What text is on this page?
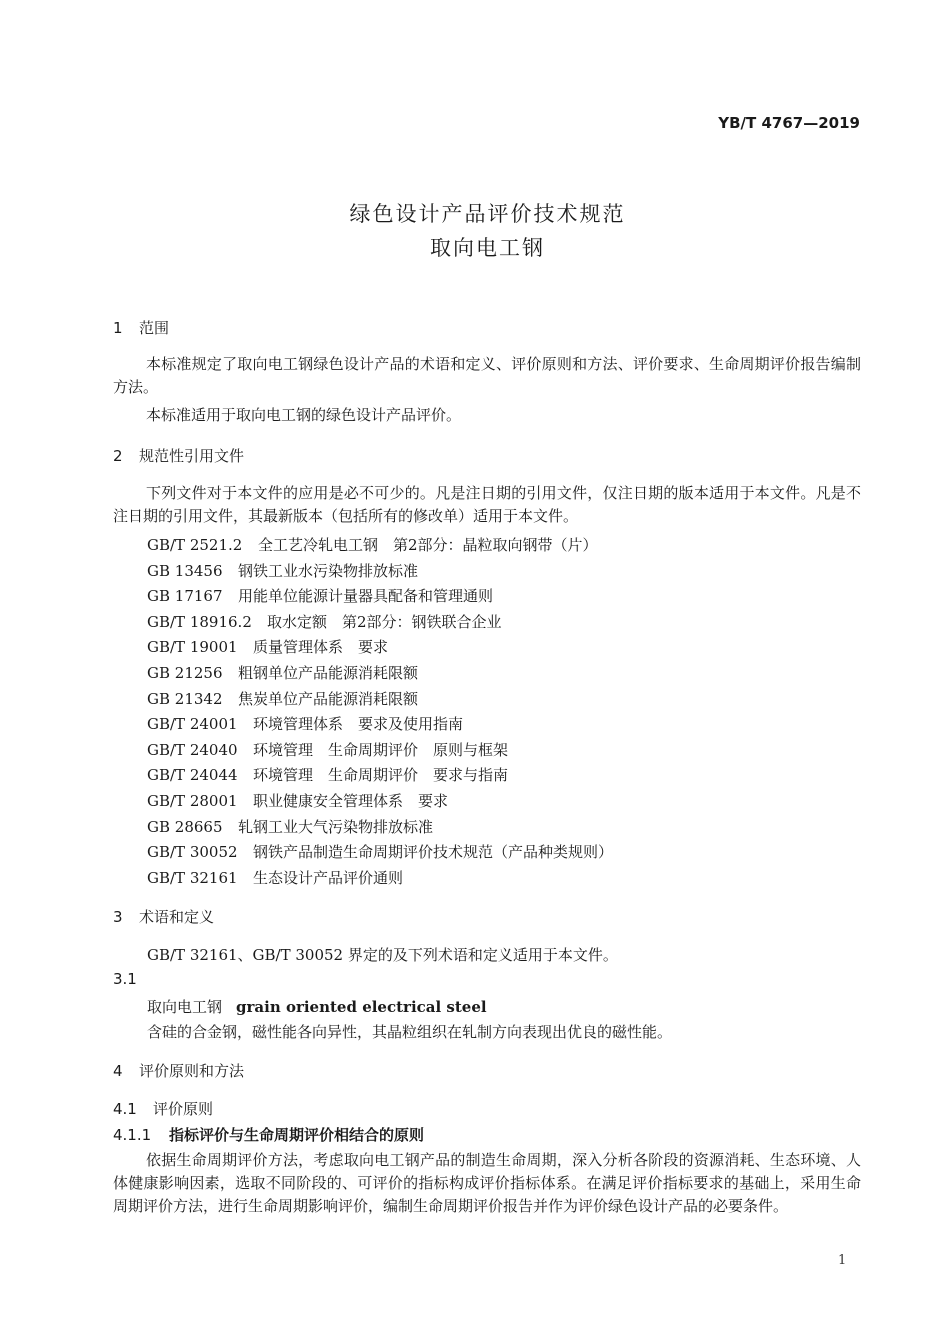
YB/T 4767—2019
绿色设计产品评价技术规范
取向电工钢
1 范围
本标准规定了取向电工钢绿色设计产品的术语和定义、评价原则和方法、评价要求、生命周期评价报告编制方法。
本标准适用于取向电工钢的绿色设计产品评价。
2 规范性引用文件
下列文件对于本文件的应用是必不可少的。凡是注日期的引用文件，仅注日期的版本适用于本文件。凡是不注日期的引用文件，其最新版本（包括所有的修改单）适用于本文件。
GB/T 2521.2　 全工艺冷轧电工钢　第2部分：晶粒取向钢带（片）
GB 13456　 钢铁工业水污染物排放标准
GB 17167　 用能单位能源计量器具配备和管理通则
GB/T 18916.2　 取水定额　第2部分：钢铁联合企业
GB/T 19001　 质量管理体系　要求
GB 21256　 粗钢单位产品能源消耗限额
GB 21342　 焦炭单位产品能源消耗限额
GB/T 24001　 环境管理体系　要求及使用指南
GB/T 24040　 环境管理　生命周期评价　原则与框架
GB/T 24044　 环境管理　生命周期评价　要求与指南
GB/T 28001　 职业健康安全管理体系　要求
GB 28665　 轧钢工业大气污染物排放标准
GB/T 30052　 钢铁产品制造生命周期评价技术规范（产品种类规则）
GB/T 32161　 生态设计产品评价通则
3 术语和定义
GB/T 32161、GB/T 30052 界定的及下列术语和定义适用于本文件。
3.1
取向电工钢 grain oriented electrical steel
含硅的合金钢，磁性能各向异性，其晶粒组织在轧制方向表现出优良的磁性能。
4 评价原则和方法
4.1 评价原则
4.1.1 指标评价与生命周期评价相结合的原则
依据生命周期评价方法，考虑取向电工钢产品的制造生命周期，深入分析各阶段的资源消耗、生态环境、人体健康影响因素，选取不同阶段的、可评价的指标构成评价指标体系。在满足评价指标要求的基础上，采用生命周期评价方法，进行生命周期影响评价，编制生命周期评价报告并作为评价绿色设计产品的必要条件。
1
